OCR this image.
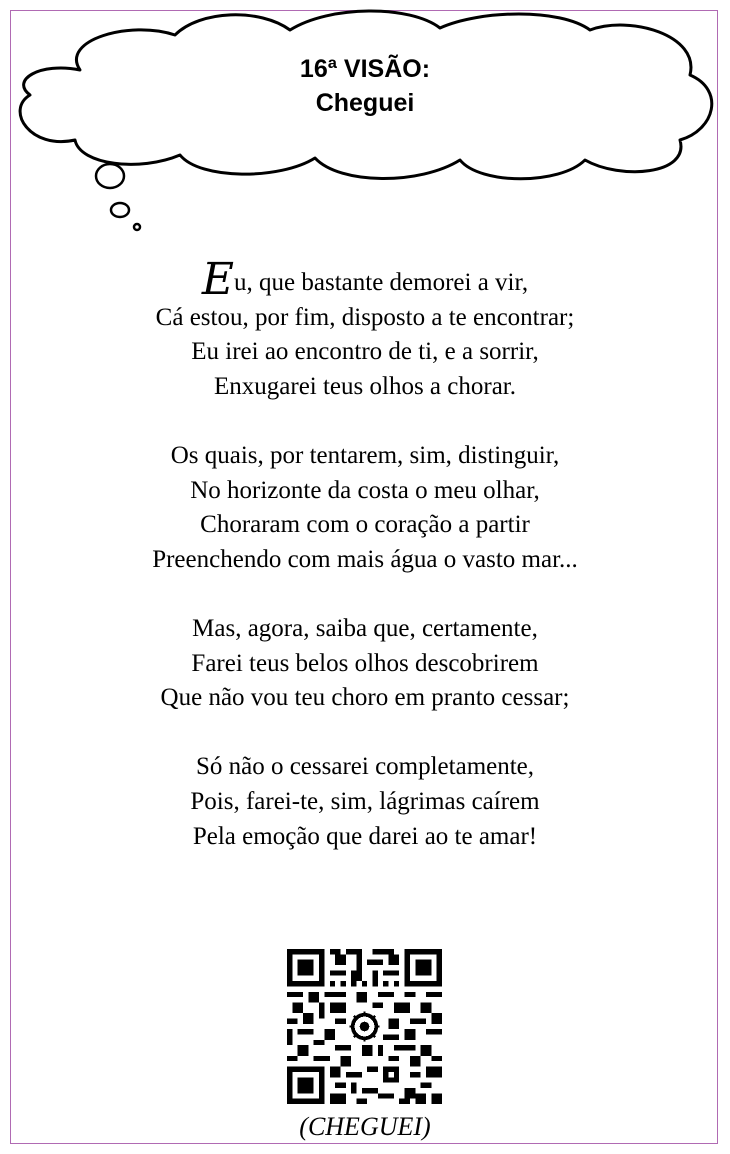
16ª VISÃO:
Cheguei
Eu, que bastante demorei a vir,
Cá estou, por fim, disposto a te encontrar;
Eu irei ao encontro de ti, e a sorrir,
Enxugarei teus olhos a chorar.
Os quais, por tentarem, sim, distinguir,
No horizonte da costa o meu olhar,
Choraram com o coração a partir
Preenchendo com mais água o vasto mar...
Mas, agora, saiba que, certamente,
Farei teus belos olhos descobrirem
Que não vou teu choro em pranto cessar;
Só não o cessarei completamente,
Pois, farei-te, sim, lágrimas caírem
Pela emoção que darei ao te amar!
(CHEGUEI)
